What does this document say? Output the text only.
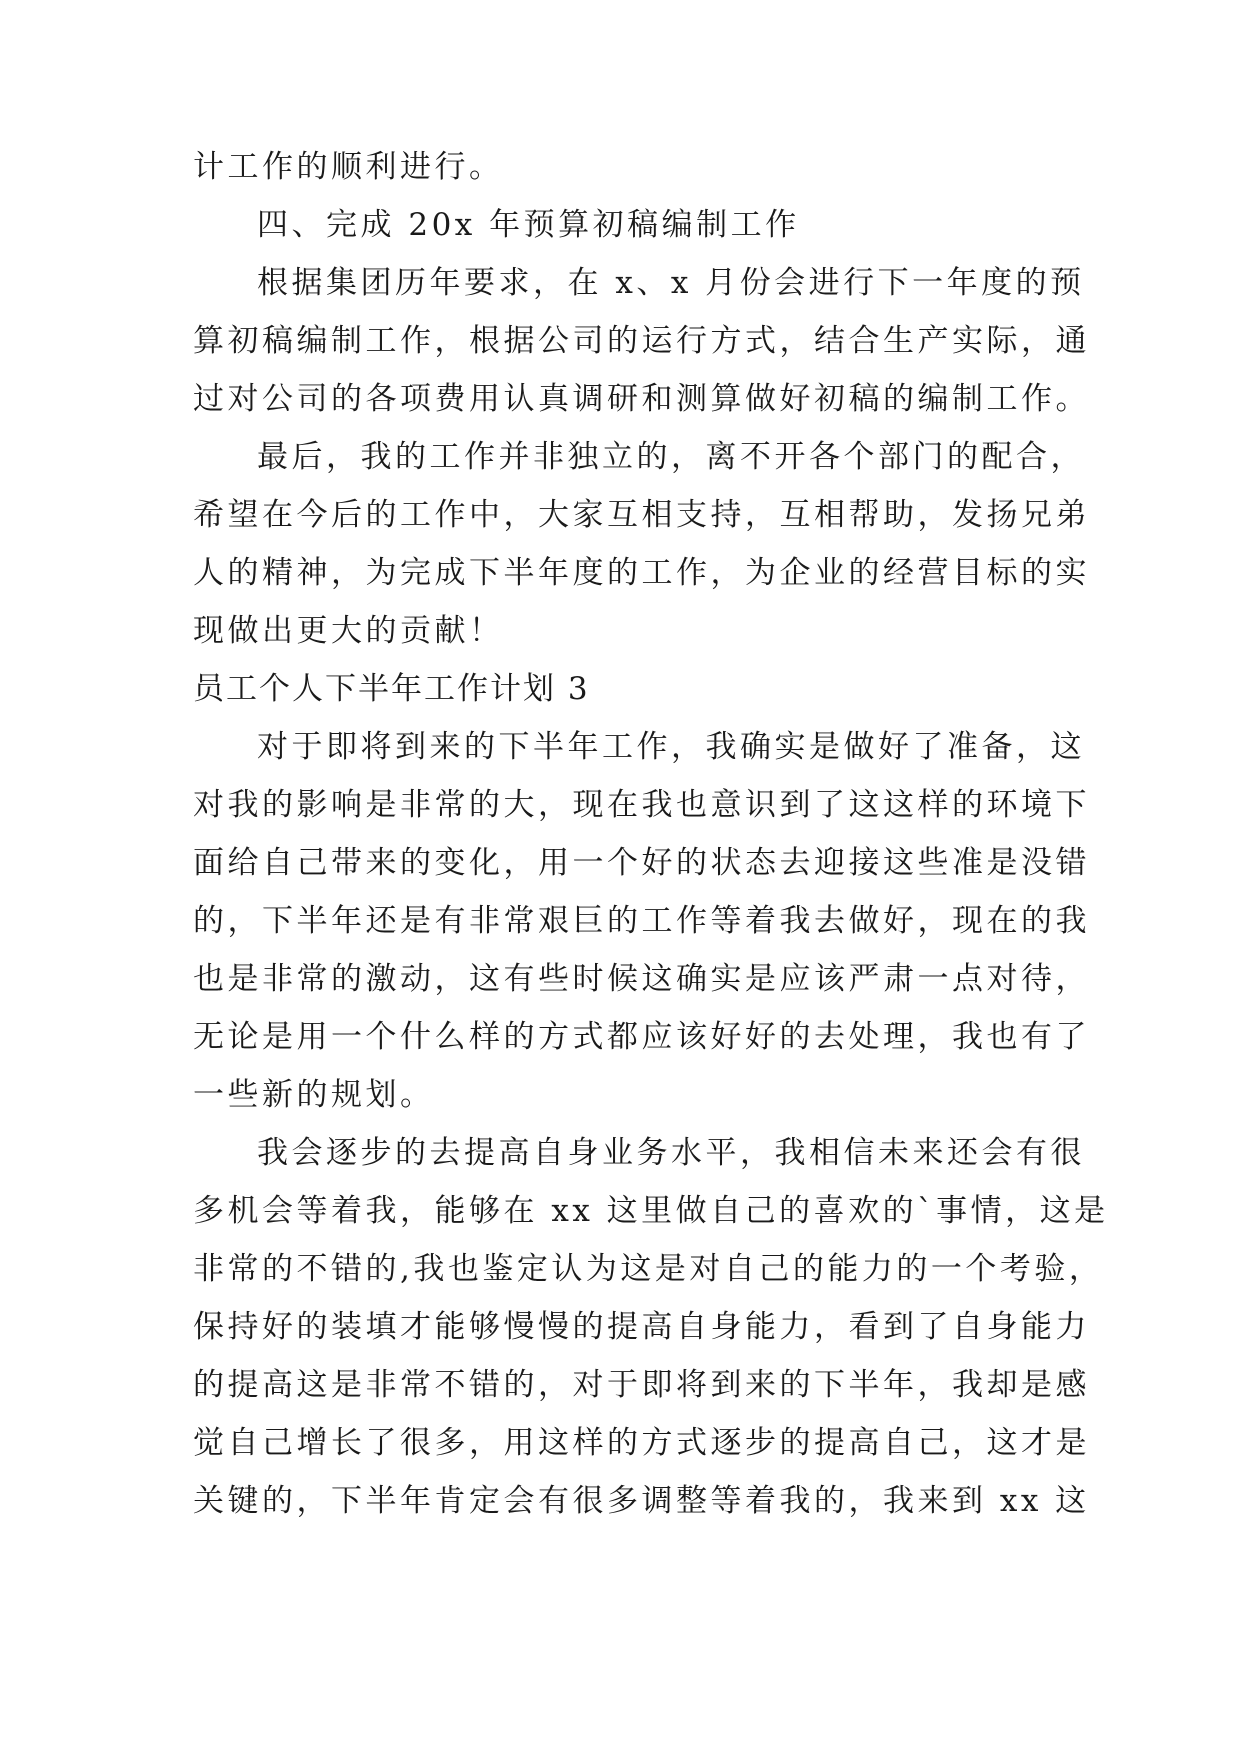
计工作的顺利进行。
四、完成 20x 年预算初稿编制工作
根据集团历年要求，在 x、x 月份会进行下一年度的预
算初稿编制工作，根据公司的运行方式，结合生产实际，通
过对公司的各项费用认真调研和测算做好初稿的编制工作。
最后，我的工作并非独立的，离不开各个部门的配合，
希望在今后的工作中，大家互相支持，互相帮助，发扬兄弟
人的精神，为完成下半年度的工作，为企业的经营目标的实
现做出更大的贡献！
员工个人下半年工作计划 3
对于即将到来的下半年工作，我确实是做好了准备，这
对我的影响是非常的大，现在我也意识到了这这样的环境下
面给自己带来的变化，用一个好的状态去迎接这些准是没错
的，下半年还是有非常艰巨的工作等着我去做好，现在的我
也是非常的激动，这有些时候这确实是应该严肃一点对待，
无论是用一个什么样的方式都应该好好的去处理，我也有了
一些新的规划。
我会逐步的去提高自身业务水平，我相信未来还会有很
多机会等着我，能够在 xx 这里做自己的喜欢的`事情，这是
非常的不错的,我也鉴定认为这是对自己的能力的一个考验，
保持好的装填才能够慢慢的提高自身能力，看到了自身能力
的提高这是非常不错的，对于即将到来的下半年，我却是感
觉自己增长了很多，用这样的方式逐步的提高自己，这才是
关键的，下半年肯定会有很多调整等着我的，我来到 xx 这
